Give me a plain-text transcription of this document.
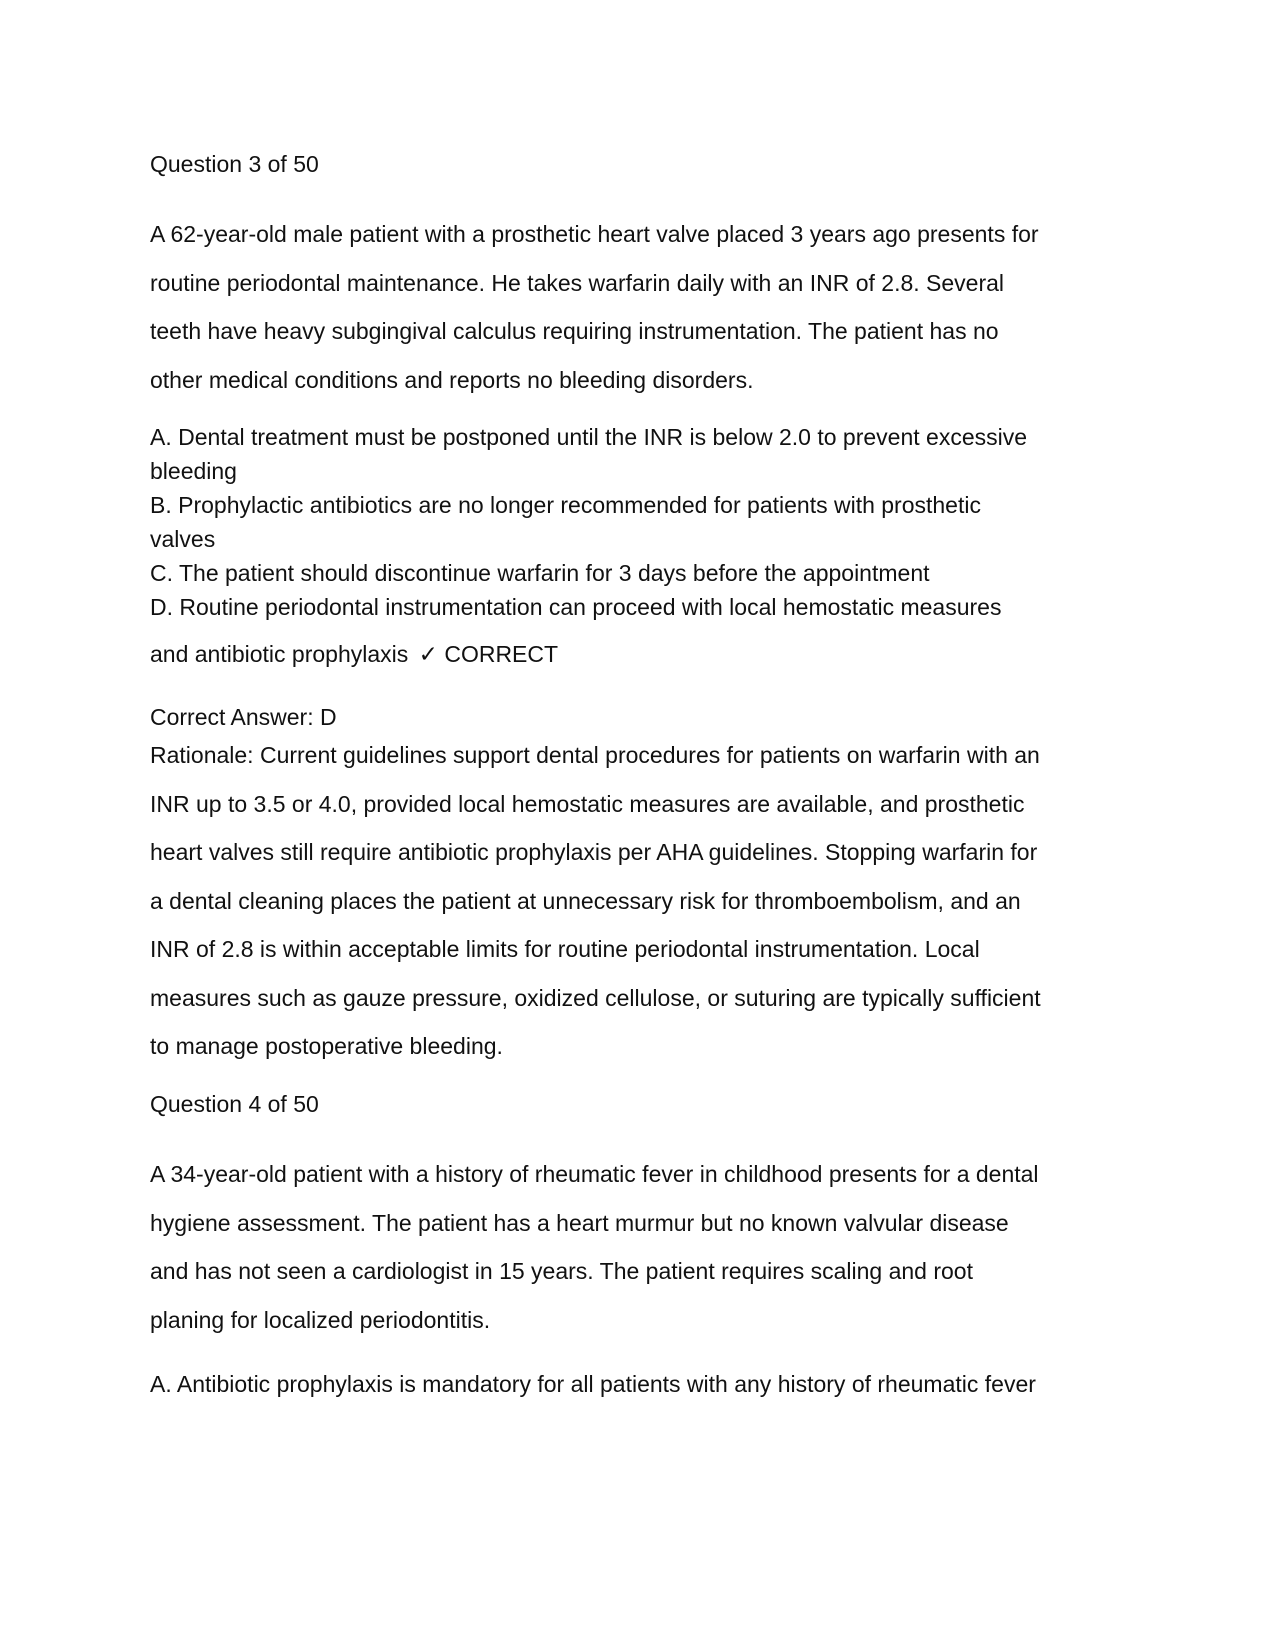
Question 3 of 50

A 62-year-old male patient with a prosthetic heart valve placed 3 years ago presents for
routine periodontal maintenance. He takes warfarin daily with an INR of 2.8. Several
teeth have heavy subgingival calculus requiring instrumentation. The patient has no
other medical conditions and reports no bleeding disorders.

A. Dental treatment must be postponed until the INR is below 2.0 to prevent excessive
bleeding
B. Prophylactic antibiotics are no longer recommended for patients with prosthetic
valves
C. The patient should discontinue warfarin for 3 days before the appointment
D. Routine periodontal instrumentation can proceed with local hemostatic measures

and antibiotic prophylaxis ✓ CORRECT

Correct Answer: D

Rationale: Current guidelines support dental procedures for patients on warfarin with an
INR up to 3.5 or 4.0, provided local hemostatic measures are available, and prosthetic
heart valves still require antibiotic prophylaxis per AHA guidelines. Stopping warfarin for
a dental cleaning places the patient at unnecessary risk for thromboembolism, and an
INR of 2.8 is within acceptable limits for routine periodontal instrumentation. Local
measures such as gauze pressure, oxidized cellulose, or suturing are typically sufficient
to manage postoperative bleeding.

Question 4 of 50

A 34-year-old patient with a history of rheumatic fever in childhood presents for a dental
hygiene assessment. The patient has a heart murmur but no known valvular disease
and has not seen a cardiologist in 15 years. The patient requires scaling and root
planing for localized periodontitis.

A. Antibiotic prophylaxis is mandatory for all patients with any history of rheumatic fever
